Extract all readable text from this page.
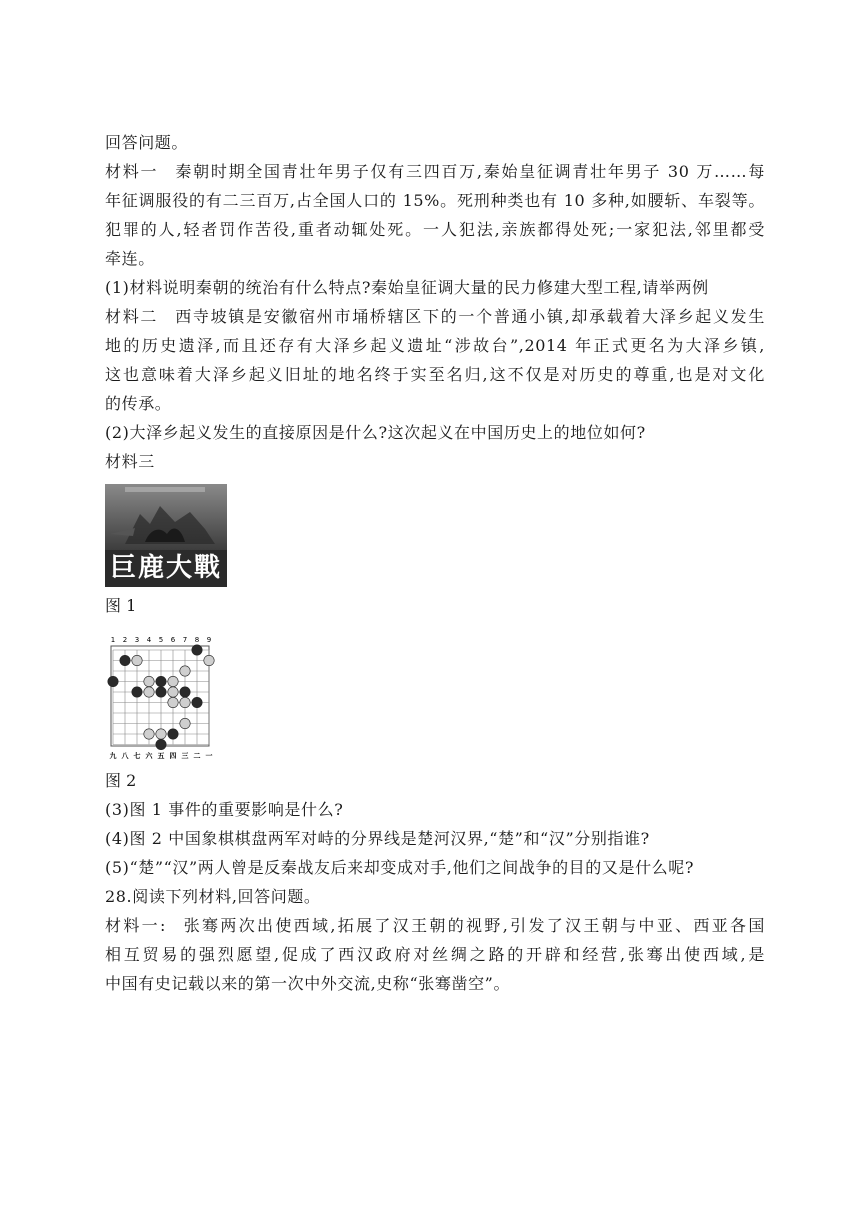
回答问题。
材料一 秦朝时期全国青壮年男子仅有三四百万,秦始皇征调青壮年男子 30 万……每
年征调服役的有二三百万,占全国人口的 15%。死刑种类也有 10 多种,如腰斩、车裂等。
犯罪的人,轻者罚作苦役,重者动辄处死。一人犯法,亲族都得处死;一家犯法,邻里都受
牵连。
(1)材料说明秦朝的统治有什么特点?秦始皇征调大量的民力修建大型工程,请举两例
材料二 西寺坡镇是安徽宿州市埇桥辖区下的一个普通小镇,却承载着大泽乡起义发生
地的历史遗泽,而且还存有大泽乡起义遗址“涉故台”,2014 年正式更名为大泽乡镇,
这也意味着大泽乡起义旧址的地名终于实至名归,这不仅是对历史的尊重,也是对文化
的传承。
(2)大泽乡起义发生的直接原因是什么?这次起义在中国历史上的地位如何?
材料三
巨鹿大戰
图 1
1 2 3 4 5 6 7 8 9
九 八 七 六 五 四 三 二 一
图 2
(3)图 1 事件的重要影响是什么?
(4)图 2 中国象棋棋盘两军对峙的分界线是楚河汉界,“楚”和“汉”分别指谁?
(5)“楚”“汉”两人曾是反秦战友后来却变成对手,他们之间战争的目的又是什么呢?
28.阅读下列材料,回答问题。
材料一: 张骞两次出使西域,拓展了汉王朝的视野,引发了汉王朝与中亚、西亚各国
相互贸易的强烈愿望,促成了西汉政府对丝绸之路的开辟和经营,张骞出使西域,是
中国有史记载以来的第一次中外交流,史称“张骞凿空”。
